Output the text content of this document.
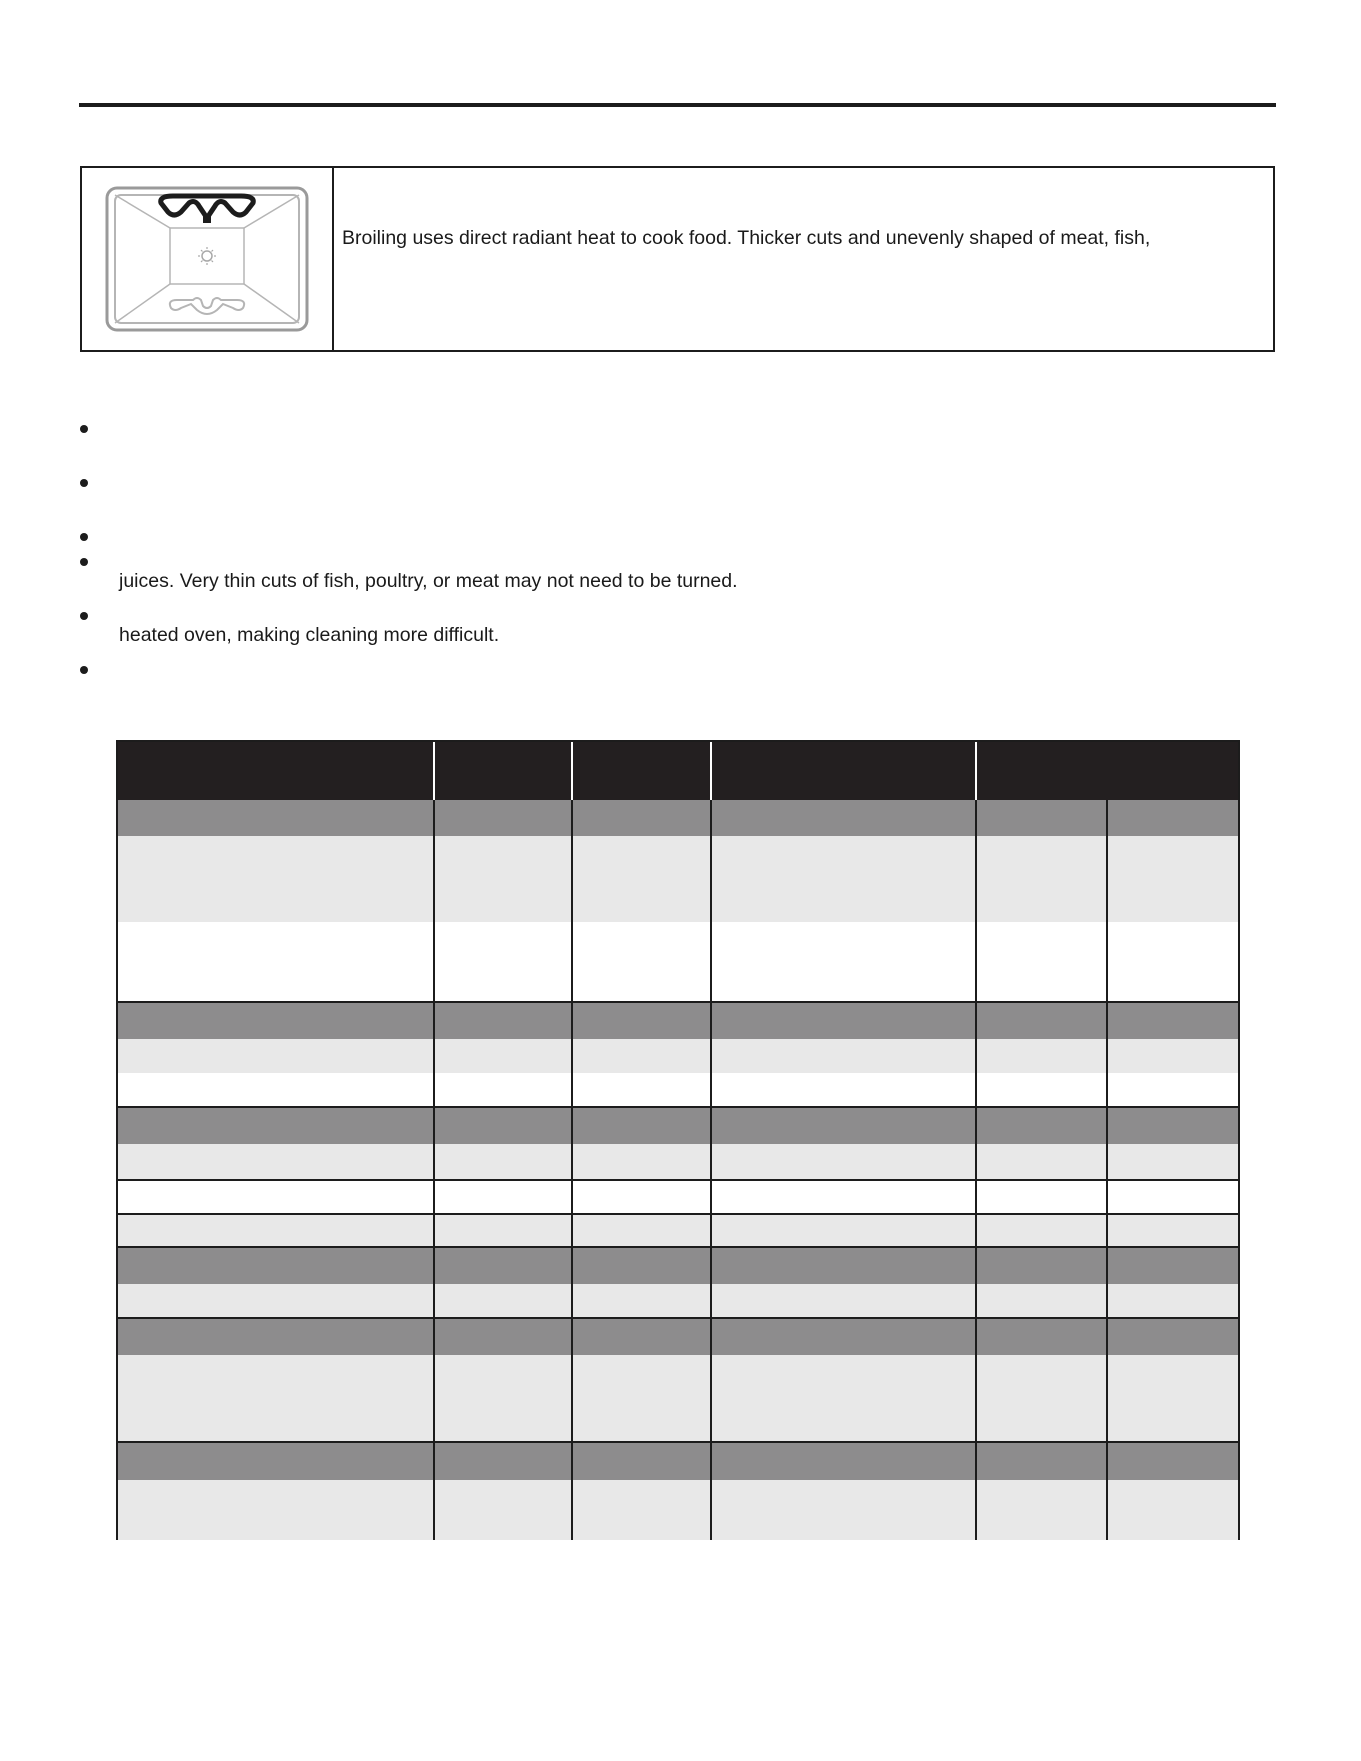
Broiling uses direct radiant heat to cook food. Thicker cuts and unevenly shaped of meat, fish,
juices. Very thin cuts of fish, poultry, or meat may not need to be turned.
heated oven, making cleaning more difficult.
